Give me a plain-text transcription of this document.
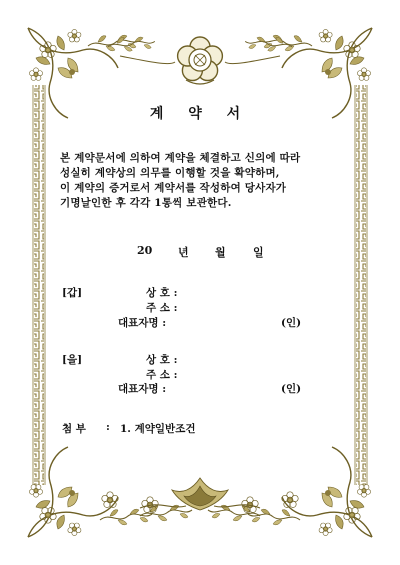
계 약 서
본 계약문서에 의하여 계약을 체결하고 신의에 따라
성실히 계약상의 의무를 이행할 것을 확약하며,
이 계약의 증거로서 계약서를 작성하여 당사자가
기명날인한 후 각각 1통씩 보관한다.
20 년 월 일
[갑]	상 호 :
주 소 :
대표자명 :	(인)
[을]	상 호 :
주 소 :
대표자명 :	(인)
첨 부 : 1. 계약일반조건
